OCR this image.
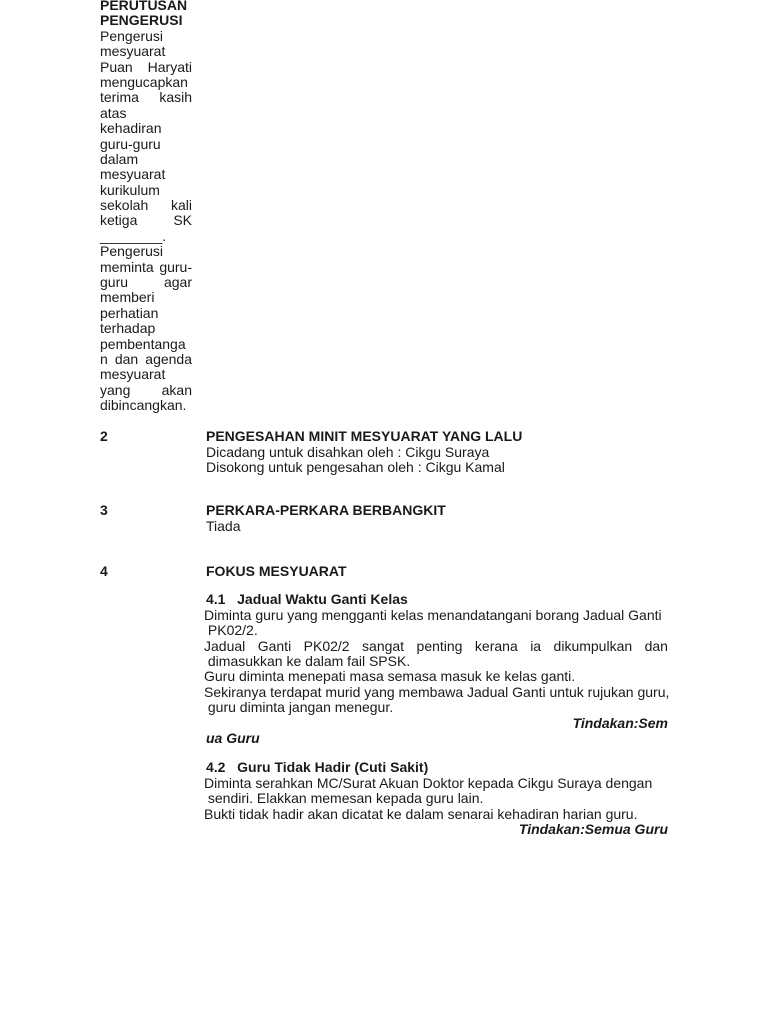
PERUTUSAN
PENGERUSI
Pengerusi
mesyuarat
Puan Haryati
mengucapkan
terima kasih
atas
kehadiran
guru-guru
dalam
mesyuarat
kurikulum
sekolah kali
ketiga	SK
________.
Pengerusi
meminta guru-
guru	agar
memberi
perhatian
terhadap
pembentanga
n dan agenda
mesyuarat
yang akan
dibincangkan.
2	PENGESAHAN MINIT MESYUARAT YANG LALU
Dicadang untuk disahkan oleh : Cikgu Suraya
Disokong untuk pengesahan oleh : Cikgu Kamal
3	PERKARA-PERKARA BERBANGKIT
Tiada
4	FOKUS MESYUARAT
4.1 Jadual Waktu Ganti Kelas
Diminta guru yang mengganti kelas menandatangani borang Jadual Ganti
PK02/2.
Jadual Ganti PK02/2 sangat penting kerana ia dikumpulkan dan
dimasukkan ke dalam fail SPSK.
Guru diminta menepati masa semasa masuk ke kelas ganti.
Sekiranya terdapat murid yang membawa Jadual Ganti untuk rujukan guru,
guru diminta jangan menegur.
Tindakan:Sem
ua Guru
4.2 Guru Tidak Hadir (Cuti Sakit)
Diminta serahkan MC/Surat Akuan Doktor kepada Cikgu Suraya dengan
sendiri. Elakkan memesan kepada guru lain.
Bukti tidak hadir akan dicatat ke dalam senarai kehadiran harian guru.
Tindakan:Semua Guru
